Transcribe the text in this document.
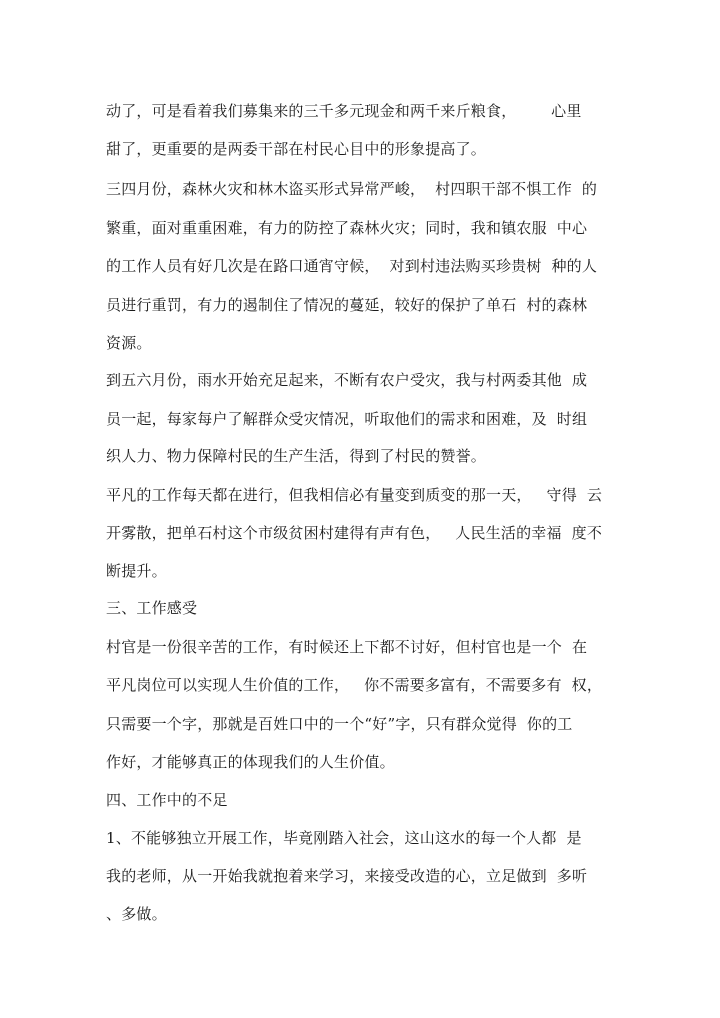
动了，可是看着我们募集来的三千多元现金和两千来斤粮食，       心里
甜了，更重要的是两委干部在村民心目中的形象提高了。
三四月份，森林火灾和林木盗买形式异常严峻，  村四职干部不惧工作  的
繁重，面对重重困难，有力的防控了森林火灾；同时，我和镇农服  中心
的工作人员有好几次是在路口通宵守候，  对到村违法购买珍贵树  种的人
员进行重罚，有力的遏制住了情况的蔓延，较好的保护了单石  村的森林
资源。
到五六月份，雨水开始充足起来，不断有农户受灾，我与村两委其他  成
员一起，每家每户了解群众受灾情况，听取他们的需求和困难，及  时组
织人力、物力保障村民的生产生活，得到了村民的赞誉。
平凡的工作每天都在进行，但我相信必有量变到质变的那一天，   守得  云
开雾散，把单石村这个市级贫困村建得有声有色，   人民生活的幸福  度不
断提升。
三、工作感受
村官是一份很辛苦的工作，有时候还上下都不讨好，但村官也是一个  在
平凡岗位可以实现人生价值的工作，   你不需要多富有，不需要多有  权，
只需要一个字，那就是百姓口中的一个“好”字，只有群众觉得  你的工
作好，才能够真正的体现我们的人生价值。
四、工作中的不足
1、不能够独立开展工作，毕竟刚踏入社会，这山这水的每一个人都  是
我的老师，从一开始我就抱着来学习，来接受改造的心，立足做到  多听
、多做。
